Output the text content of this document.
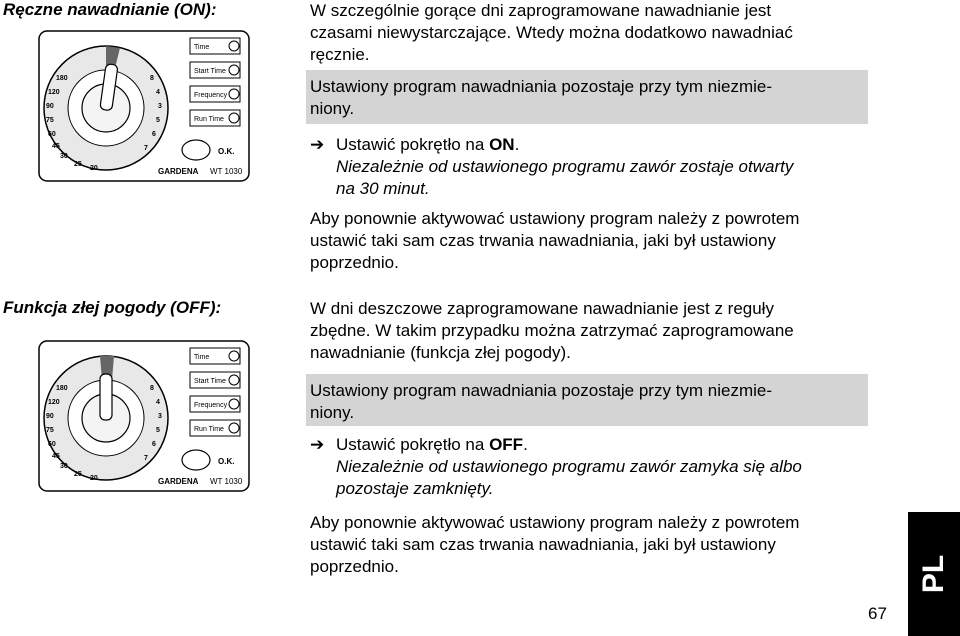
Ręczne nawadnianie (ON):
180
120
90
75
60
45
30
25
20
8
4
3
5
6
7
On
Time
Start Time
Frequency
Run Time
O.K.
GARDENA WT 1030
W szczególnie gorące dni zaprogramowane nawadnianie jest
czasami niewystarczające. Wtedy można dodatkowo nawadniać
ręcznie.
Ustawiony program nawadniania pozostaje przy tym niezmie-
niony.
➔ Ustawić pokrętło na ON.
Niezależnie od ustawionego programu zawór zostaje otwarty
na 30 minut.
Aby ponownie aktywować ustawiony program należy z powrotem
ustawić taki sam czas trwania nawadniania, jaki był ustawiony
poprzednio.
Funkcja złej pogody (OFF):
180
120
90
75
60
45
30
25
20
8
4
3
5
6
7
Off
Time
Start Time
Frequency
Run Time
O.K.
GARDENA WT 1030
W dni deszczowe zaprogramowane nawadnianie jest z reguły
zbędne. W takim przypadku można zatrzymać zaprogramowane
nawadnianie (funkcja złej pogody).
Ustawiony program nawadniania pozostaje przy tym niezmie-
niony.
➔ Ustawić pokrętło na OFF.
Niezależnie od ustawionego programu zawór zamyka się albo
pozostaje zamknięty.
Aby ponownie aktywować ustawiony program należy z powrotem
ustawić taki sam czas trwania nawadniania, jaki był ustawiony
poprzednio.
67
PL
